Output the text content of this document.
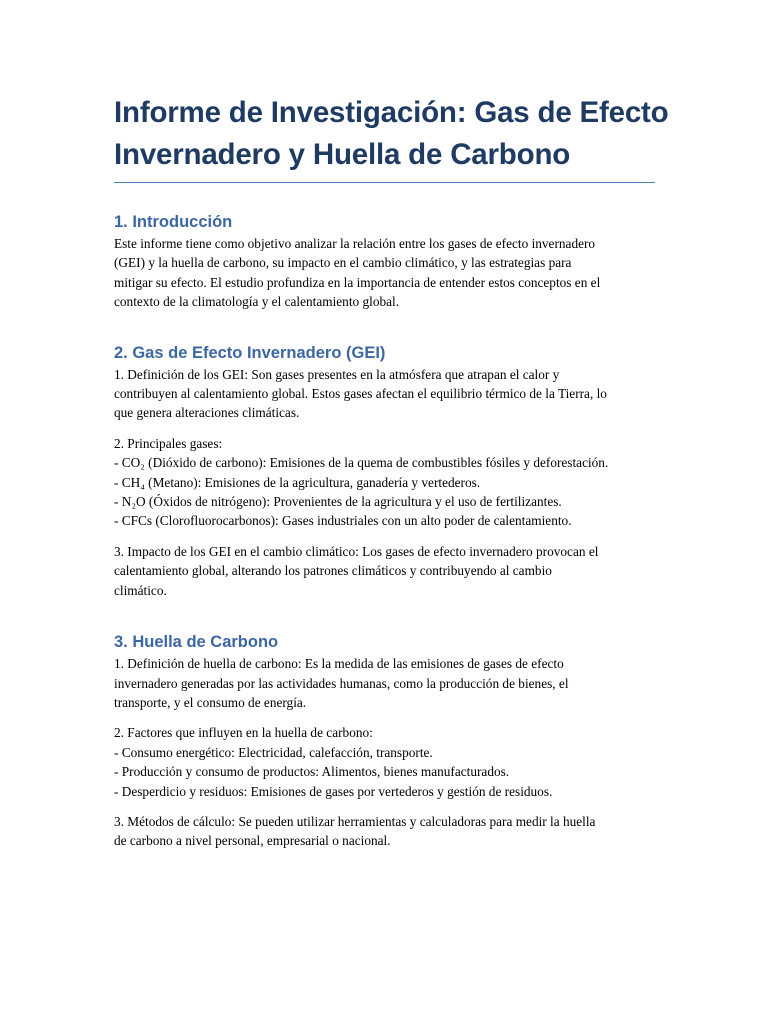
Informe de Investigación: Gas de Efecto
Invernadero y Huella de Carbono
1. Introducción

Este informe tiene como objetivo analizar la relación entre los gases de efecto invernadero
(GEI) y la huella de carbono, su impacto en el cambio climático, y las estrategias para
mitigar su efecto. El estudio profundiza en la importancia de entender estos conceptos en el
contexto de la climatología y el calentamiento global.

2. Gas de Efecto Invernadero (GEI)

1. Definición de los GEI: Son gases presentes en la atmósfera que atrapan el calor y
contribuyen al calentamiento global. Estos gases afectan el equilibrio térmico de la Tierra, lo
que genera alteraciones climáticas.

2. Principales gases:
- CO₂ (Dióxido de carbono): Emisiones de la quema de combustibles fósiles y deforestación.
- CH₄ (Metano): Emisiones de la agricultura, ganadería y vertederos.
- N₂O (Óxidos de nitrógeno): Provenientes de la agricultura y el uso de fertilizantes.
- CFCs (Clorofluorocarbonos): Gases industriales con un alto poder de calentamiento.

3. Impacto de los GEI en el cambio climático: Los gases de efecto invernadero provocan el
calentamiento global, alterando los patrones climáticos y contribuyendo al cambio
climático.

3. Huella de Carbono

1. Definición de huella de carbono: Es la medida de las emisiones de gases de efecto
invernadero generadas por las actividades humanas, como la producción de bienes, el
transporte, y el consumo de energía.

2. Factores que influyen en la huella de carbono:
- Consumo energético: Electricidad, calefacción, transporte.
- Producción y consumo de productos: Alimentos, bienes manufacturados.
- Desperdicio y residuos: Emisiones de gases por vertederos y gestión de residuos.

3. Métodos de cálculo: Se pueden utilizar herramientas y calculadoras para medir la huella
de carbono a nivel personal, empresarial o nacional.
